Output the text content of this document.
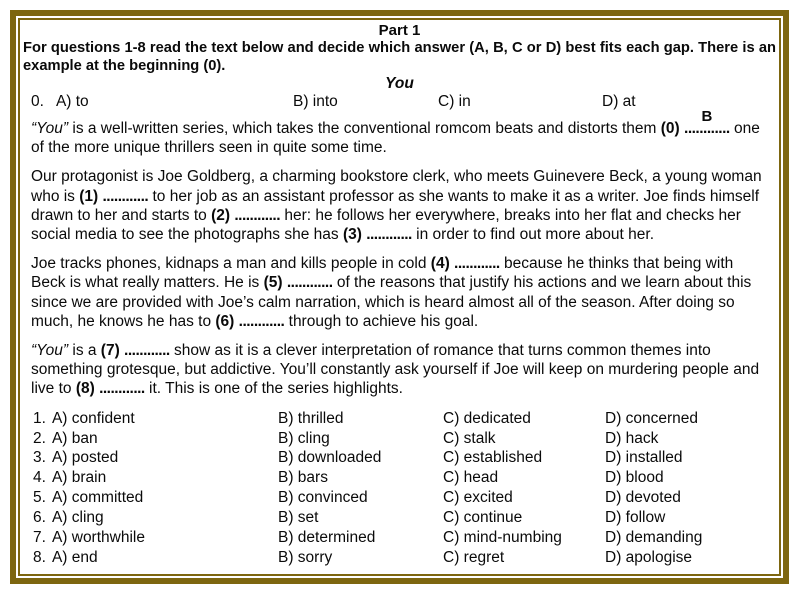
Part 1
For questions 1-8 read the text below and decide which answer (A, B, C or D) best fits each gap. There is an example at the beginning (0).
You
0. A) to	B) into	C) in	D) at

“You” is a well-written series, which takes the conventional romcom beats and distorts them (0) ............
B
one of the more unique thrillers seen in quite some time.

Our protagonist is Joe Goldberg, a charming bookstore clerk, who meets Guinevere Beck, a young woman who is (1) ............ to her job as an assistant professor as she wants to make it as a writer. Joe finds himself drawn to her and starts to (2) ............ her: he follows her everywhere, breaks into her flat and checks her social media to see the photographs she has (3) ............ in order to find out more about her.

Joe tracks phones, kidnaps a man and kills people in cold (4) ............ because he thinks that being with Beck is what really matters. He is (5) ............ of the reasons that justify his actions and we learn about this since we are provided with Joe’s calm narration, which is heard almost all of the season. After doing so much, he knows he has to (6) ............ through to achieve his goal.

“You” is a (7) ............ show as it is a clever interpretation of romance that turns common themes into something grotesque, but addictive. You’ll constantly ask yourself if Joe will keep on murdering people and live to (8) ............ it. This is one of the series highlights.

1. A) confident	B) thrilled	C) dedicated	D) concerned
2. A) ban	B) cling	C) stalk	D) hack
3. A) posted	B) downloaded	C) established	D) installed
4. A) brain	B) bars	C) head	D) blood
5. A) committed	B) convinced	C) excited	D) devoted
6. A) cling	B) set	C) continue	D) follow
7. A) worthwhile	B) determined	C) mind-numbing	D) demanding
8. A) end	B) sorry	C) regret	D) apologise
